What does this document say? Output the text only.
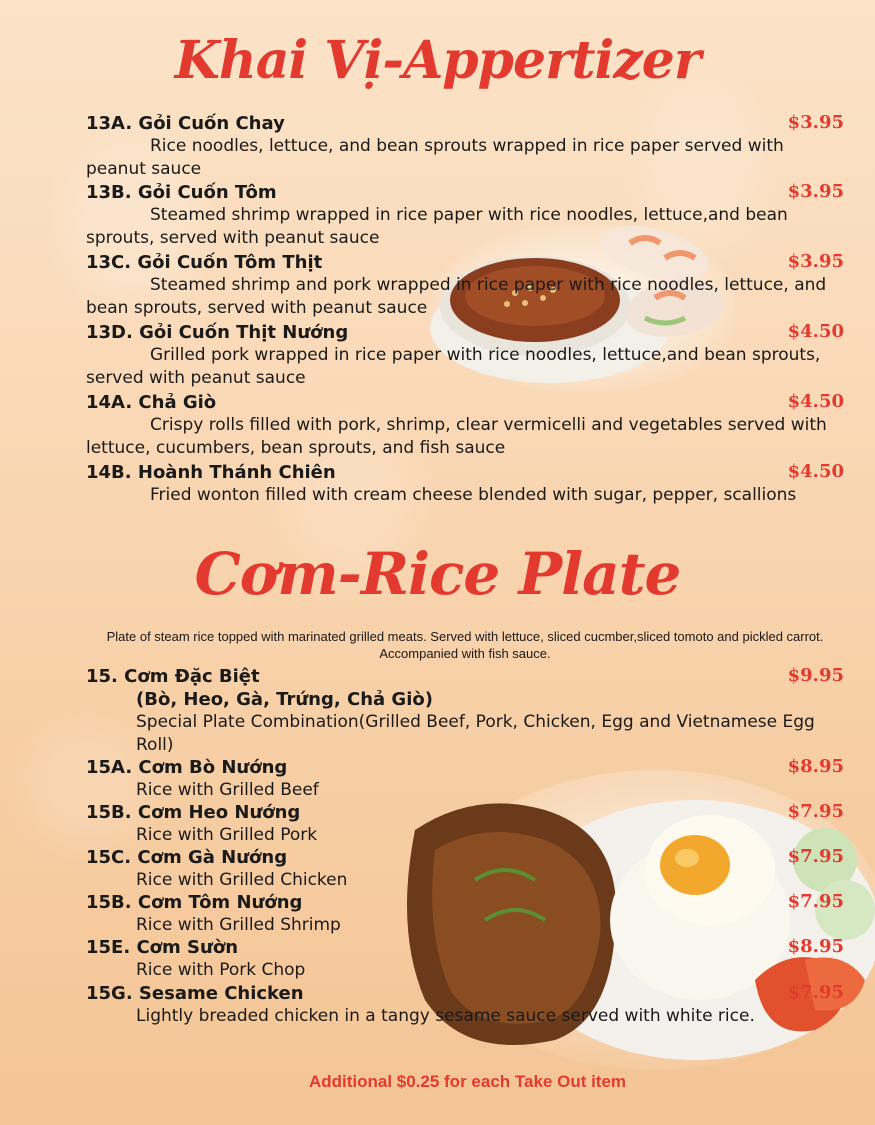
Khai Vị-Appertizer
13A. Gỏi Cuốn Chay	$3.95
Rice noodles, lettuce, and bean sprouts wrapped in rice paper served with peanut sauce
13B. Gỏi Cuốn Tôm	$3.95
Steamed shrimp wrapped in rice paper with rice noodles, lettuce,and bean sprouts, served with peanut sauce
13C. Gỏi Cuốn Tôm Thịt	$3.95
Steamed shrimp and pork wrapped in rice paper with rice noodles, lettuce, and bean sprouts, served with peanut sauce
13D. Gỏi Cuốn Thịt Nướng	$4.50
Grilled pork wrapped in rice paper with rice noodles, lettuce,and bean sprouts, served with peanut sauce
14A. Chả Giò	$4.50
Crispy rolls filled with pork, shrimp, clear vermicelli and vegetables served with lettuce, cucumbers, bean sprouts, and fish sauce
14B. Hoành Thánh Chiên	$4.50
Fried wonton filled with cream cheese blended with sugar, pepper, scallions
Cơm-Rice Plate
Plate of steam rice topped with marinated grilled meats. Served with lettuce, sliced cucmber,sliced tomoto and pickled carrot. Accompanied with fish sauce.
15. Cơm Đặc Biệt	$9.95
(Bò, Heo, Gà, Trứng, Chả Giò)
Special Plate Combination(Grilled Beef, Pork, Chicken, Egg and Vietnamese Egg Roll)
15A. Cơm Bò Nướng	$8.95
Rice with Grilled Beef
15B. Cơm Heo Nướng	$7.95
Rice with Grilled Pork
15C. Cơm Gà Nướng	$7.95
Rice with Grilled Chicken
15B. Cơm Tôm Nướng	$7.95
Rice with Grilled Shrimp
15E. Cơm Sườn	$8.95
Rice with Pork Chop
15G. Sesame Chicken	$7.95
Lightly breaded chicken in a tangy sesame sauce served with white rice.
Additional $0.25 for each Take Out item
